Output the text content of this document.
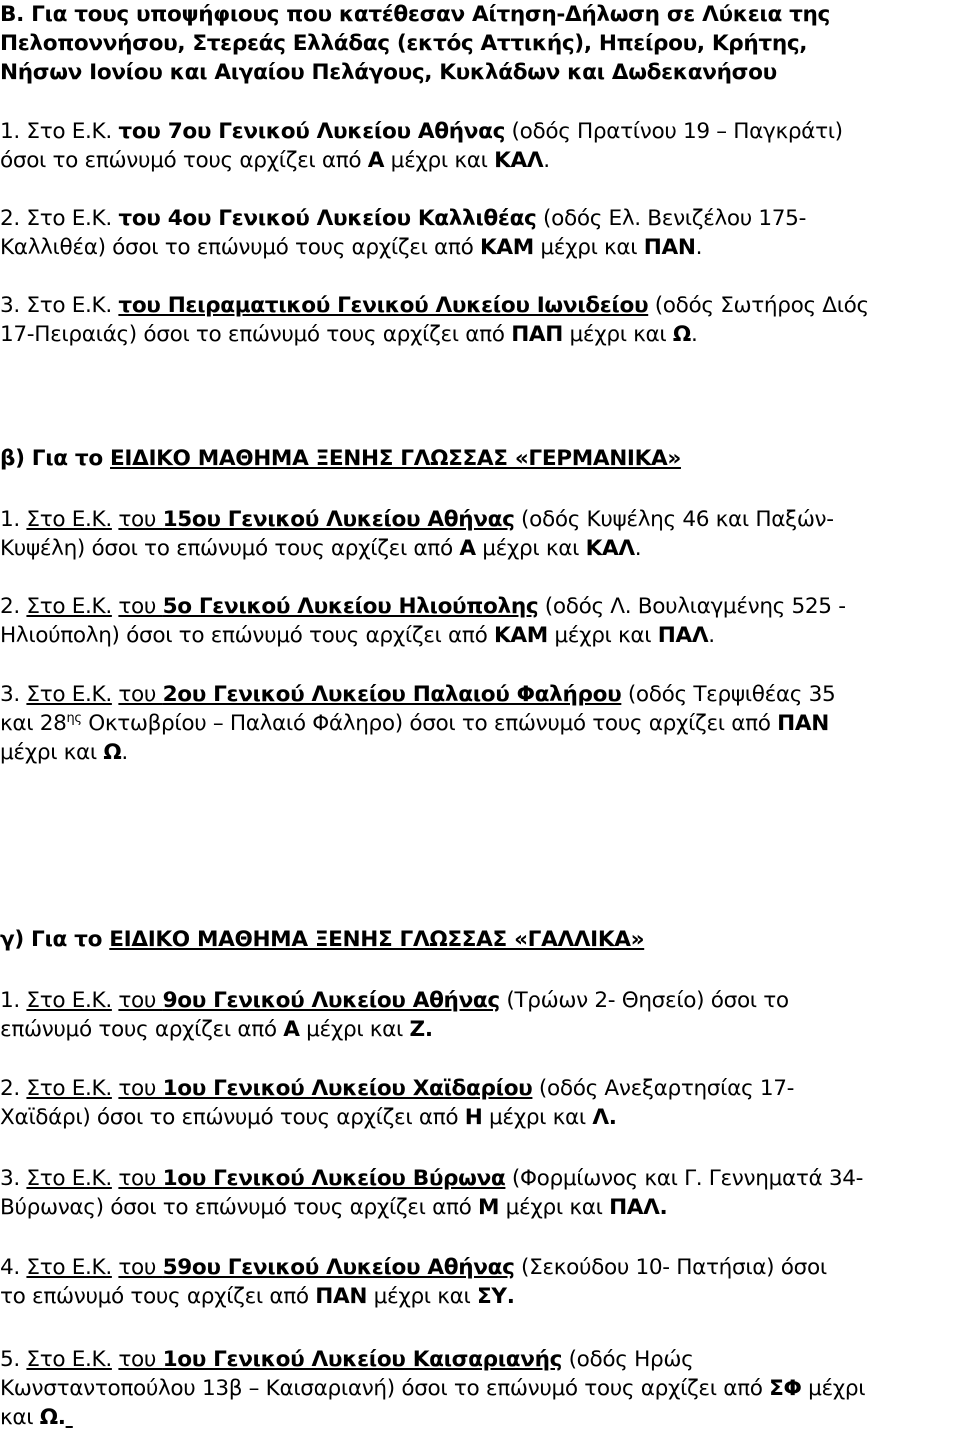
Β. Για τους υποψήφιους που κατέθεσαν Αίτηση-Δήλωση σε Λύκεια της
Πελοποννήσου, Στερεάς Ελλάδας (εκτός Αττικής), Ηπείρου, Κρήτης,
Νήσων Ιονίου και Αιγαίου Πελάγους, Κυκλάδων και Δωδεκανήσου
1. Στο Ε.Κ. του 7ου Γενικού Λυκείου Αθήνας (οδός Πρατίνου 19 – Παγκράτι)
όσοι το επώνυμό τους αρχίζει από Α μέχρι και ΚΑΛ.
2. Στο Ε.Κ. του 4ου Γενικού Λυκείου Καλλιθέας (οδός Ελ. Βενιζέλου 175-
Καλλιθέα) όσοι το επώνυμό τους αρχίζει από ΚΑΜ μέχρι και ΠΑΝ.
3. Στο Ε.Κ. του Πειραματικού Γενικού Λυκείου Ιωνιδείου (οδός Σωτήρος Διός
17-Πειραιάς) όσοι το επώνυμό τους αρχίζει από ΠΑΠ μέχρι και Ω.
β) Για το ΕΙΔΙΚΟ ΜΑΘΗΜΑ ΞΕΝΗΣ ΓΛΩΣΣΑΣ «ΓΕΡΜΑΝΙΚΑ»
1. Στο Ε.Κ. του 15ου Γενικού Λυκείου Αθήνας (οδός Κυψέλης 46 και Παξών-
Κυψέλη) όσοι το επώνυμό τους αρχίζει από Α μέχρι και ΚΑΛ.
2. Στο Ε.Κ. του 5ο Γενικού Λυκείου Ηλιούπολης (οδός Λ. Βουλιαγμένης 525 -
Ηλιούπολη) όσοι το επώνυμό τους αρχίζει από ΚΑΜ μέχρι και ΠΑΛ.
3. Στο Ε.Κ. του 2ου Γενικού Λυκείου Παλαιού Φαλήρου (οδός Τερψιθέας 35
και $28^{\eta\varsigma}$ Οκτωβρίου – Παλαιό Φάληρο) όσοι το επώνυμό τους αρχίζει από ΠΑΝ
μέχρι και Ω.
γ) Για το ΕΙΔΙΚΟ ΜΑΘΗΜΑ ΞΕΝΗΣ ΓΛΩΣΣΑΣ «ΓΑΛΛΙΚΑ»
1. Στο Ε.Κ. του 9ου Γενικού Λυκείου Αθήνας (Τρώων 2- Θησείο) όσοι το
επώνυμό τους αρχίζει από Α μέχρι και Ζ.
2. Στο Ε.Κ. του 1ου Γενικού Λυκείου Χαϊδαρίου (οδός Ανεξαρτησίας 17-
Χαϊδάρι) όσοι το επώνυμό τους αρχίζει από Η μέχρι και Λ.
3. Στο Ε.Κ. του 1ου Γενικού Λυκείου Βύρωνα (Φορμίωνος και Γ. Γεννηματά 34-
Βύρωνας) όσοι το επώνυμό τους αρχίζει από Μ μέχρι και ΠΑΛ.
4. Στο Ε.Κ. του 59ου Γενικού Λυκείου Αθήνας (Σεκούδου 10- Πατήσια) όσοι
το επώνυμό τους αρχίζει από ΠΑΝ μέχρι και ΣΥ.
5. Στο Ε.Κ. του 1ου Γενικού Λυκείου Καισαριανής (οδός Ηρώς
Κωνσταντοπούλου 13β – Καισαριανή) όσοι το επώνυμό τους αρχίζει από ΣΦ μέχρι
και Ω.
